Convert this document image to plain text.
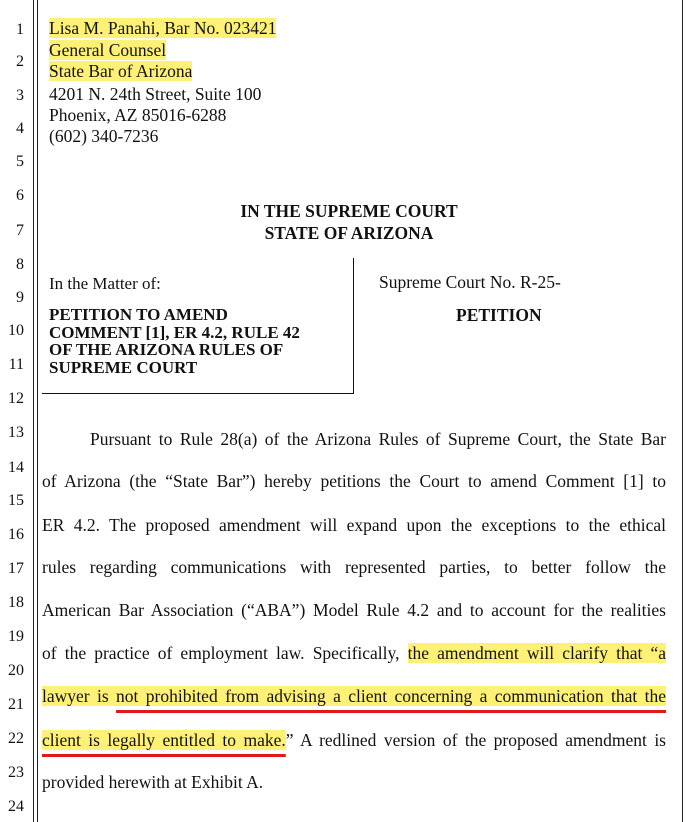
1
2
3
4
5
6
7
8
9
10
11
12
13
14
15
16
17
18
19
20
21
22
23
24
Lisa M. Panahi, Bar No. 023421
General Counsel
State Bar of Arizona
4201 N. 24th Street, Suite 100
Phoenix, AZ 85016-6288
(602) 340-7236
IN THE SUPREME COURT
STATE OF ARIZONA
In the Matter of:
PETITION TO AMEND
COMMENT [1], ER 4.2, RULE 42
OF THE ARIZONA RULES OF
SUPREME COURT
Supreme Court No. R-25-
PETITION
Pursuant to Rule 28(a) of the Arizona Rules of Supreme Court, the State Bar
of Arizona (the “State Bar”) hereby petitions the Court to amend Comment [1] to
ER 4.2. The proposed amendment will expand upon the exceptions to the ethical
rules regarding communications with represented parties, to better follow the
American Bar Association (“ABA”) Model Rule 4.2 and to account for the realities
of the practice of employment law. Specifically, the amendment will clarify that “a
lawyer is not prohibited from advising a client concerning a communication that the
client is legally entitled to make.” A redlined version of the proposed amendment is
provided herewith at Exhibit A.
